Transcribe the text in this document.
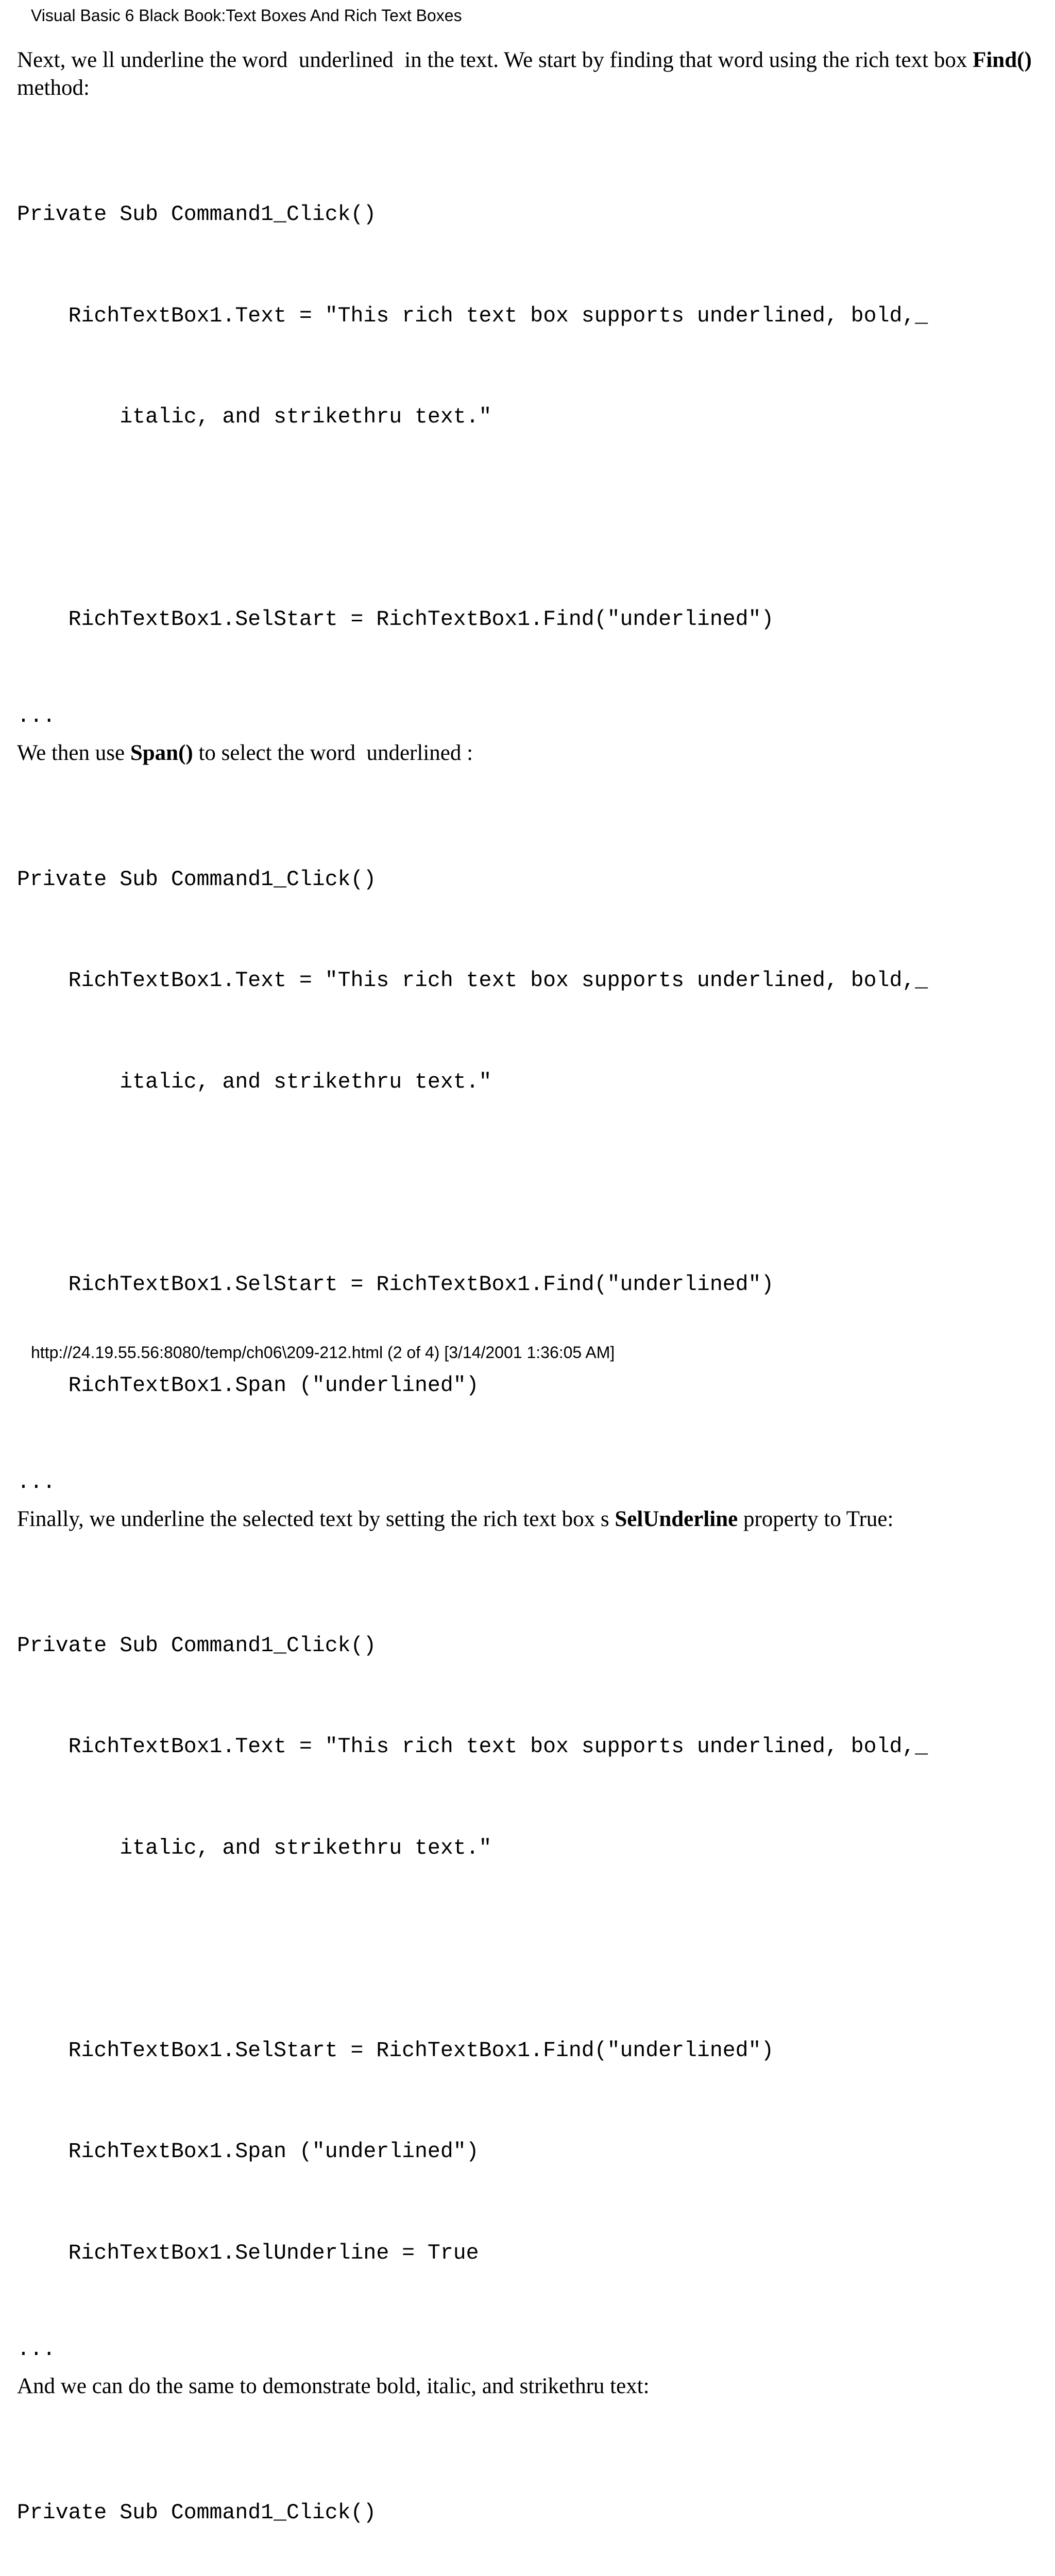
Visual Basic 6 Black Book:Text Boxes And Rich Text Boxes

Next, we ll underline the word  underlined  in the text. We start by finding that word using the rich text box Find() method:

Private Sub Command1_Click()

RichTextBox1.Text = "This rich text box supports underlined, bold,_

italic, and strikethru text."

RichTextBox1.SelStart = RichTextBox1.Find("underlined")

...

We then use Span() to select the word  underlined :

Private Sub Command1_Click()

RichTextBox1.Text = "This rich text box supports underlined, bold,_

italic, and strikethru text."

RichTextBox1.SelStart = RichTextBox1.Find("underlined")

RichTextBox1.Span ("underlined")

...

Finally, we underline the selected text by setting the rich text box s SelUnderline property to True:

Private Sub Command1_Click()

RichTextBox1.Text = "This rich text box supports underlined, bold,_

italic, and strikethru text."

RichTextBox1.SelStart = RichTextBox1.Find("underlined")

RichTextBox1.Span ("underlined")

RichTextBox1.SelUnderline = True

...

And we can do the same to demonstrate bold, italic, and strikethru text:

Private Sub Command1_Click()

http://24.19.55.56:8080/temp/ch06\209-212.html (2 of 4) [3/14/2001 1:36:05 AM]
